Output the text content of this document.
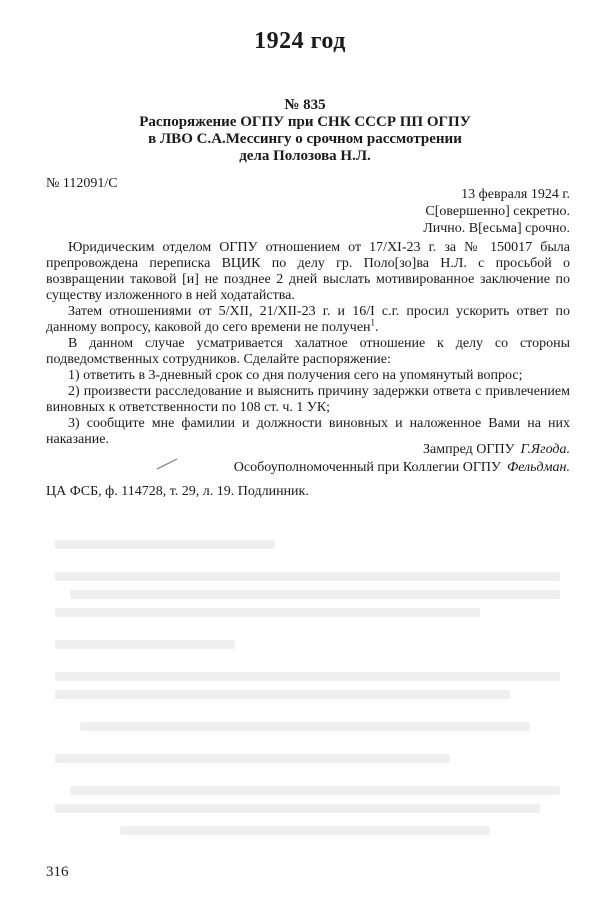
1924 год
№ 835
Распоряжение ОГПУ при СНК СССР ПП ОГПУ
в ЛВО С.А.Мессингу о срочном рассмотрении
дела Полозова Н.Л.
№ 112091/С
13 февраля 1924 г.
С[овершенно] секретно.
Лично. В[есьма] срочно.

Юридическим отделом ОГПУ отношением от 17/XI-23 г. за № 150017 была препровождена переписка ВЦИК по делу гр. Поло[зо]ва Н.Л. с просьбой о возвращении таковой [и] не позднее 2 дней выслать мотивированное заключение по существу изложенного в ней ходатайства.

Затем отношениями от 5/XII, 21/XII-23 г. и 16/I с.г. просил ускорить ответ по данному вопросу, каковой до сего времени не получен$^1$.

В данном случае усматривается халатное отношение к делу со стороны подведомственных сотрудников. Сделайте распоряжение:

1) ответить в 3-дневный срок со дня получения сего на упомянутый вопрос;

2) произвести расследование и выяснить причину задержки ответа с привлечением виновных к ответственности по 108 ст. ч. 1 УК;

3) сообщите мне фамилии и должности виновных и наложенное Вами на них наказание.

Зампред ОГПУ Г.Ягода.
Особоуполномоченный при Коллегии ОГПУ Фельдман.
ЦА ФСБ, ф. 114728, т. 29, л. 19. Подлинник.
316
